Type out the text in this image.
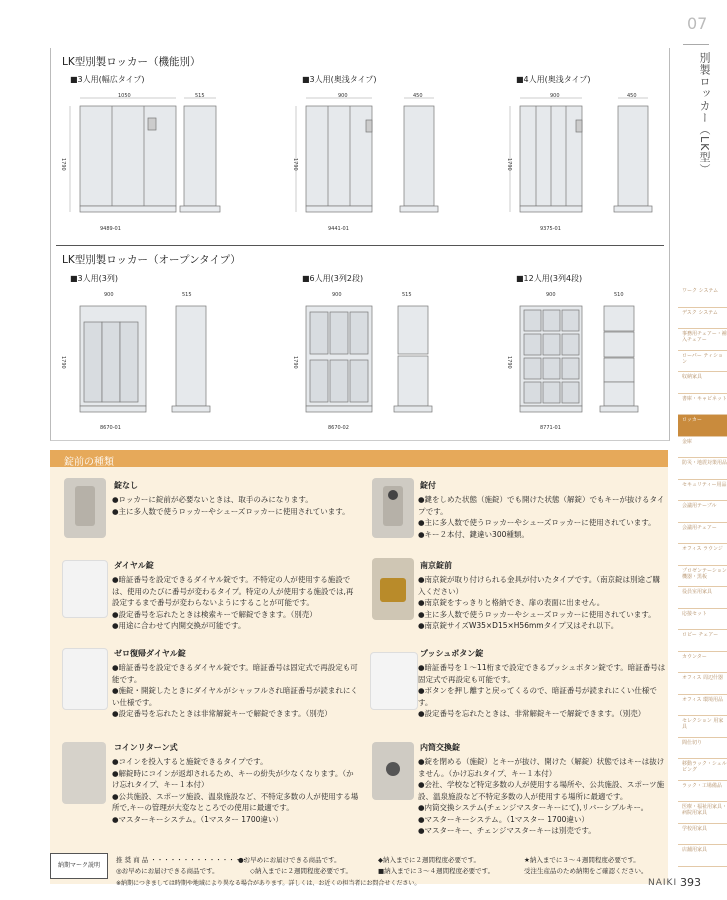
07
別製ロッカー（LK型）
ワーク システム
デスク システム
事務用チェアー・補入チェアー
ローパー ティション
収納家具
書庫・キャビネット
ロッカー
金庫
防災・地震対策用品
セキュリティー用品
会議用テーブル
会議用チェアー
オフィス ラウンジ
プロゼンテーション機器・黒板
役員室用家具
応接セット
ロビー チェアー
カウンター
オフィス 周辺什器
オフィス 環境用品
セレクション 用家具
間仕切り
移動ラック・シェルビング
ラック・工場備品
医療・福祉用家具・病院用家具
学校用家具
店舗用家具
LK型別製ロッカー（機能別）
■3人用(幅広タイプ)	■3人用(奥浅タイプ)	■4人用(奥浅タイプ)
1050	515
1790
9489-01
900	450
1790
9441-01
900	450
1790
9375-01
LK型別製ロッカー（オープンタイプ）
■3人用(3列)	■6人用(3列2段)	■12人用(3列4段)
900	515
1790
8670-01
900	515
1790
8670-02
900	510
1790
8771-01
錠前の種類
錠なし

●ロッカーに錠前が必要ないときは、取手のみになります。

●主に多人数で使うロッカーやシューズロッカーに使用されています。

錠付

●鍵をしめた状態（施錠）でも開けた状態（解錠）でもキーが抜けるタイプです。

●主に多人数で使うロッカーやシューズロッカーに使用されています。

●キー２本付、鍵違い300種類。

ダイヤル錠

●暗証番号を設定できるダイヤル錠です。不特定の人が使用する施設では、使用のたびに番号が変わるタイプ。特定の人が使用する施設では,再設定するまで番号が変わらないようにすることが可能です。

●設定番号を忘れたときは検索キーで解錠できます。（別売）

●用途に合わせて内開交換が可能です。

南京錠前

●南京錠が取り付けられる金具が付いたタイプです。（南京錠は別途ご購入ください）

●南京錠をすっきりと格納でき、扉の表面に出ません。

●主に多人数で使うロッカーやシューズロッカーに使用されています。

●南京錠サイズW35×D15×H56mmタイプ又はそれ以下。

ゼロ復帰ダイヤル錠

●暗証番号を設定できるダイヤル錠です。暗証番号は固定式で再設定も可能です。

●施錠・開錠したときにダイヤルがシャッフルされ暗証番号が読まれにくい仕様です。

●設定番号を忘れたときは非常解錠キーで解錠できます。（別売）

プッシュボタン錠

●暗証番号を１～11桁まで設定できるプッシュボタン錠です。暗証番号は固定式で再設定も可能です。

●ボタンを押し離すと戻ってくるので、暗証番号が読まれにくい仕様です。

●設定番号を忘れたときは、非常解錠キーで解錠できます。（別売）

コインリターン式

●コインを投入すると施錠できるタイプです。

●解錠時にコインが返却されるため、キーの紛失が少なくなります。（かけ忘れタイプ、キー１本付）

●公共施設、スポーツ施設、温泉施設など、不特定多数の人が使用する場所で,キーの管理が大変なところでの使用に最適です。

●マスターキーシステム。（1マスター 1700違い）

内筒交換錠

●錠を閉める（施錠）とキーが抜け、開けた（解錠）状態ではキーは抜けません。（かけ忘れタイプ、キー１本付）

●会社、学校など特定多数の人が使用する場所や、公共施設、スポーツ施設、温泉施設など不特定多数の人が使用する場所に最適です。

●内筒交換システム(チェンジマスターキーにて),リバーシブルキー。

●マスターキーシステム。（1マスター 1700違い）

●マスターキー、チェンジマスターキーは別売です。

納期マーク説明
推 奨 商 品 ・・・・・・・・・・・・・・・
●お早めにお届けできる商品です。	◆納入までに２週間程度必要です。	★納入までに３～４週間程度必要です。
◎お早めにお届けできる商品です。	◇納入までに２週間程度必要です。	■納入までに３～４週間程度必要です。	受注生産品のため納期をご確認ください。
※納期につきましては時期や地域により異なる場合があります。詳しくは、お近くの担当者にお問合せください。	NAIKI 393
